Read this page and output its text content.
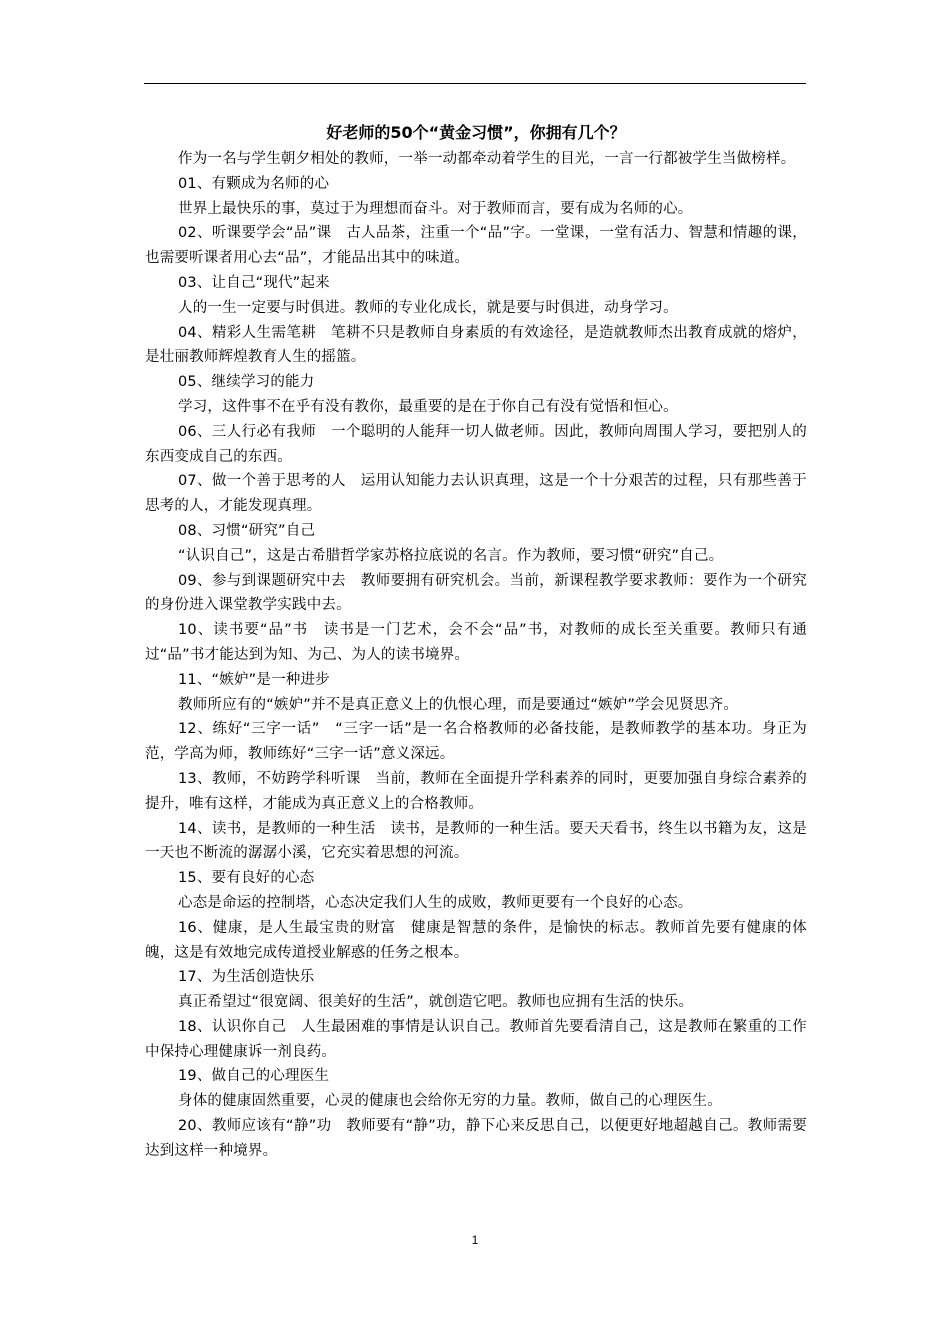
好老师的50个“黄金习惯”，你拥有几个？

作为一名与学生朝夕相处的教师，一举一动都牵动着学生的目光，一言一行都被学生当做榜样。

01、有颗成为名师的心

世界上最快乐的事，莫过于为理想而奋斗。对于教师而言，要有成为名师的心。

02、听课要学会“品”课　古人品茶，注重一个“品”字。一堂课，一堂有活力、智慧和情趣的课，也需要听课者用心去“品”，才能品出其中的味道。

03、让自己“现代”起来

人的一生一定要与时俱进。教师的专业化成长，就是要与时俱进，动身学习。

04、精彩人生需笔耕　笔耕不只是教师自身素质的有效途径，是造就教师杰出教育成就的熔炉，是壮丽教师辉煌教育人生的摇篮。

05、继续学习的能力

学习，这件事不在乎有没有教你，最重要的是在于你自己有没有觉悟和恒心。

06、三人行必有我师　一个聪明的人能拜一切人做老师。因此，教师向周围人学习，要把别人的东西变成自己的东西。

07、做一个善于思考的人　运用认知能力去认识真理，这是一个十分艰苦的过程，只有那些善于思考的人，才能发现真理。

08、习惯“研究”自己

“认识自己”，这是古希腊哲学家苏格拉底说的名言。作为教师，要习惯“研究”自己。

09、参与到课题研究中去　教师要拥有研究机会。当前，新课程教学要求教师：要作为一个研究的身份进入课堂教学实践中去。

10、读书要“品”书　读书是一门艺术，会不会“品”书，对教师的成长至关重要。教师只有通过“品”书才能达到为知、为己、为人的读书境界。

11、“嫉妒”是一种进步

教师所应有的“嫉妒”并不是真正意义上的仇恨心理，而是要通过“嫉妒”学会见贤思齐。

12、练好“三字一话”　“三字一话”是一名合格教师的必备技能，是教师教学的基本功。身正为范，学高为师，教师练好“三字一话”意义深远。

13、教师，不妨跨学科听课　当前，教师在全面提升学科素养的同时，更要加强自身综合素养的提升，唯有这样，才能成为真正意义上的合格教师。

14、读书，是教师的一种生活　读书，是教师的一种生活。要天天看书，终生以书籍为友，这是一天也不断流的潺潺小溪，它充实着思想的河流。

15、要有良好的心态

心态是命运的控制塔，心态决定我们人生的成败，教师更要有一个良好的心态。

16、健康，是人生最宝贵的财富　健康是智慧的条件，是愉快的标志。教师首先要有健康的体魄，这是有效地完成传道授业解惑的任务之根本。

17、为生活创造快乐

真正希望过“很宽阔、很美好的生活”，就创造它吧。教师也应拥有生活的快乐。

18、认识你自己　人生最困难的事情是认识自己。教师首先要看清自己，这是教师在繁重的工作中保持心理健康诉一剂良药。

19、做自己的心理医生

身体的健康固然重要，心灵的健康也会给你无穷的力量。教师，做自己的心理医生。

20、教师应该有“静”功　教师要有“静”功，静下心来反思自己，以便更好地超越自己。教师需要达到这样一种境界。

1
